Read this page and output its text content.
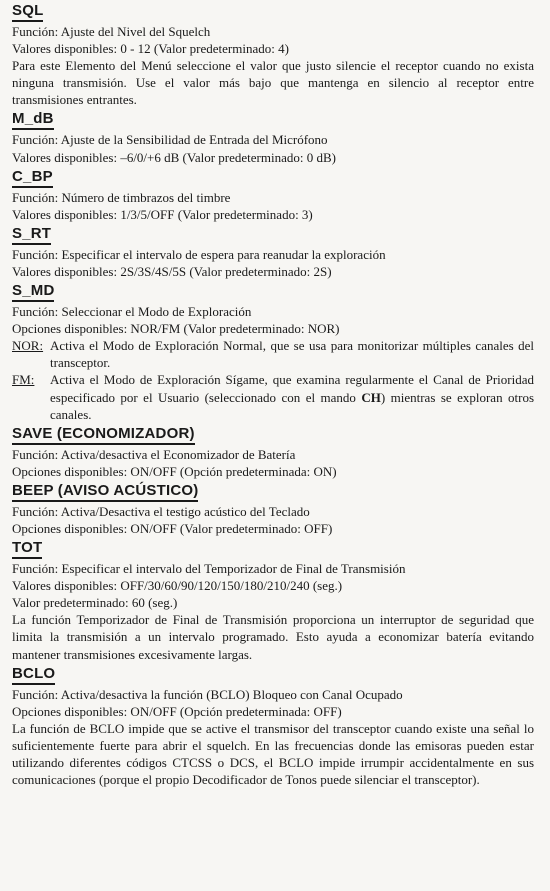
SQL
Función: Ajuste del Nivel del Squelch
Valores disponibles: 0 - 12 (Valor predeterminado: 4)
Para este Elemento del Menú seleccione el valor que justo silencie el receptor cuando no exista ninguna transmisión. Use el valor más bajo que mantenga en silencio al receptor entre transmisiones entrantes.
M_dB
Función: Ajuste de la Sensibilidad de Entrada del Micrófono
Valores disponibles: –6/0/+6 dB (Valor predeterminado: 0 dB)
C_BP
Función: Número de timbrazos del timbre
Valores disponibles: 1/3/5/OFF (Valor predeterminado: 3)
S_RT
Función: Especificar el intervalo de espera para reanudar la exploración
Valores disponibles: 2S/3S/4S/5S (Valor predeterminado: 2S)
S_MD
Función: Seleccionar el Modo de Exploración
Opciones disponibles: NOR/FM (Valor predeterminado: NOR)
NOR: Activa el Modo de Exploración Normal, que se usa para monitorizar múltiples canales del transceptor.
FM:	Activa el Modo de Exploración Sígame, que examina regularmente el Canal de Prioridad especificado por el Usuario (seleccionado con el mando CH) mientras se exploran otros canales.
SAVE (ECONOMIZADOR)
Función: Activa/desactiva el Economizador de Batería
Opciones disponibles: ON/OFF (Opción predeterminada: ON)
BEEP (AVISO ACÚSTICO)
Función: Activa/Desactiva el testigo acústico del Teclado
Opciones disponibles: ON/OFF (Valor predeterminado: OFF)
TOT
Función: Especificar el intervalo del Temporizador de Final de Transmisión
Valores disponibles: OFF/30/60/90/120/150/180/210/240 (seg.)
Valor predeterminado: 60 (seg.)
La función Temporizador de Final de Transmisión proporciona un interruptor de seguridad que limita la transmisión a un intervalo programado. Esto ayuda a economizar batería evitando mantener transmisiones excesivamente largas.
BCLO
Función: Activa/desactiva la función (BCLO) Bloqueo con Canal Ocupado
Opciones disponibles: ON/OFF (Opción predeterminada: OFF)
La función de BCLO impide que se active el transmisor del transceptor cuando existe una señal lo suficientemente fuerte para abrir el squelch. En las frecuencias donde las emisoras pueden estar utilizando diferentes códigos CTCSS o DCS, el BCLO impide irrumpir accidentalmente en sus comunicaciones (porque el propio Decodificador de Tonos puede silenciar el transceptor).
